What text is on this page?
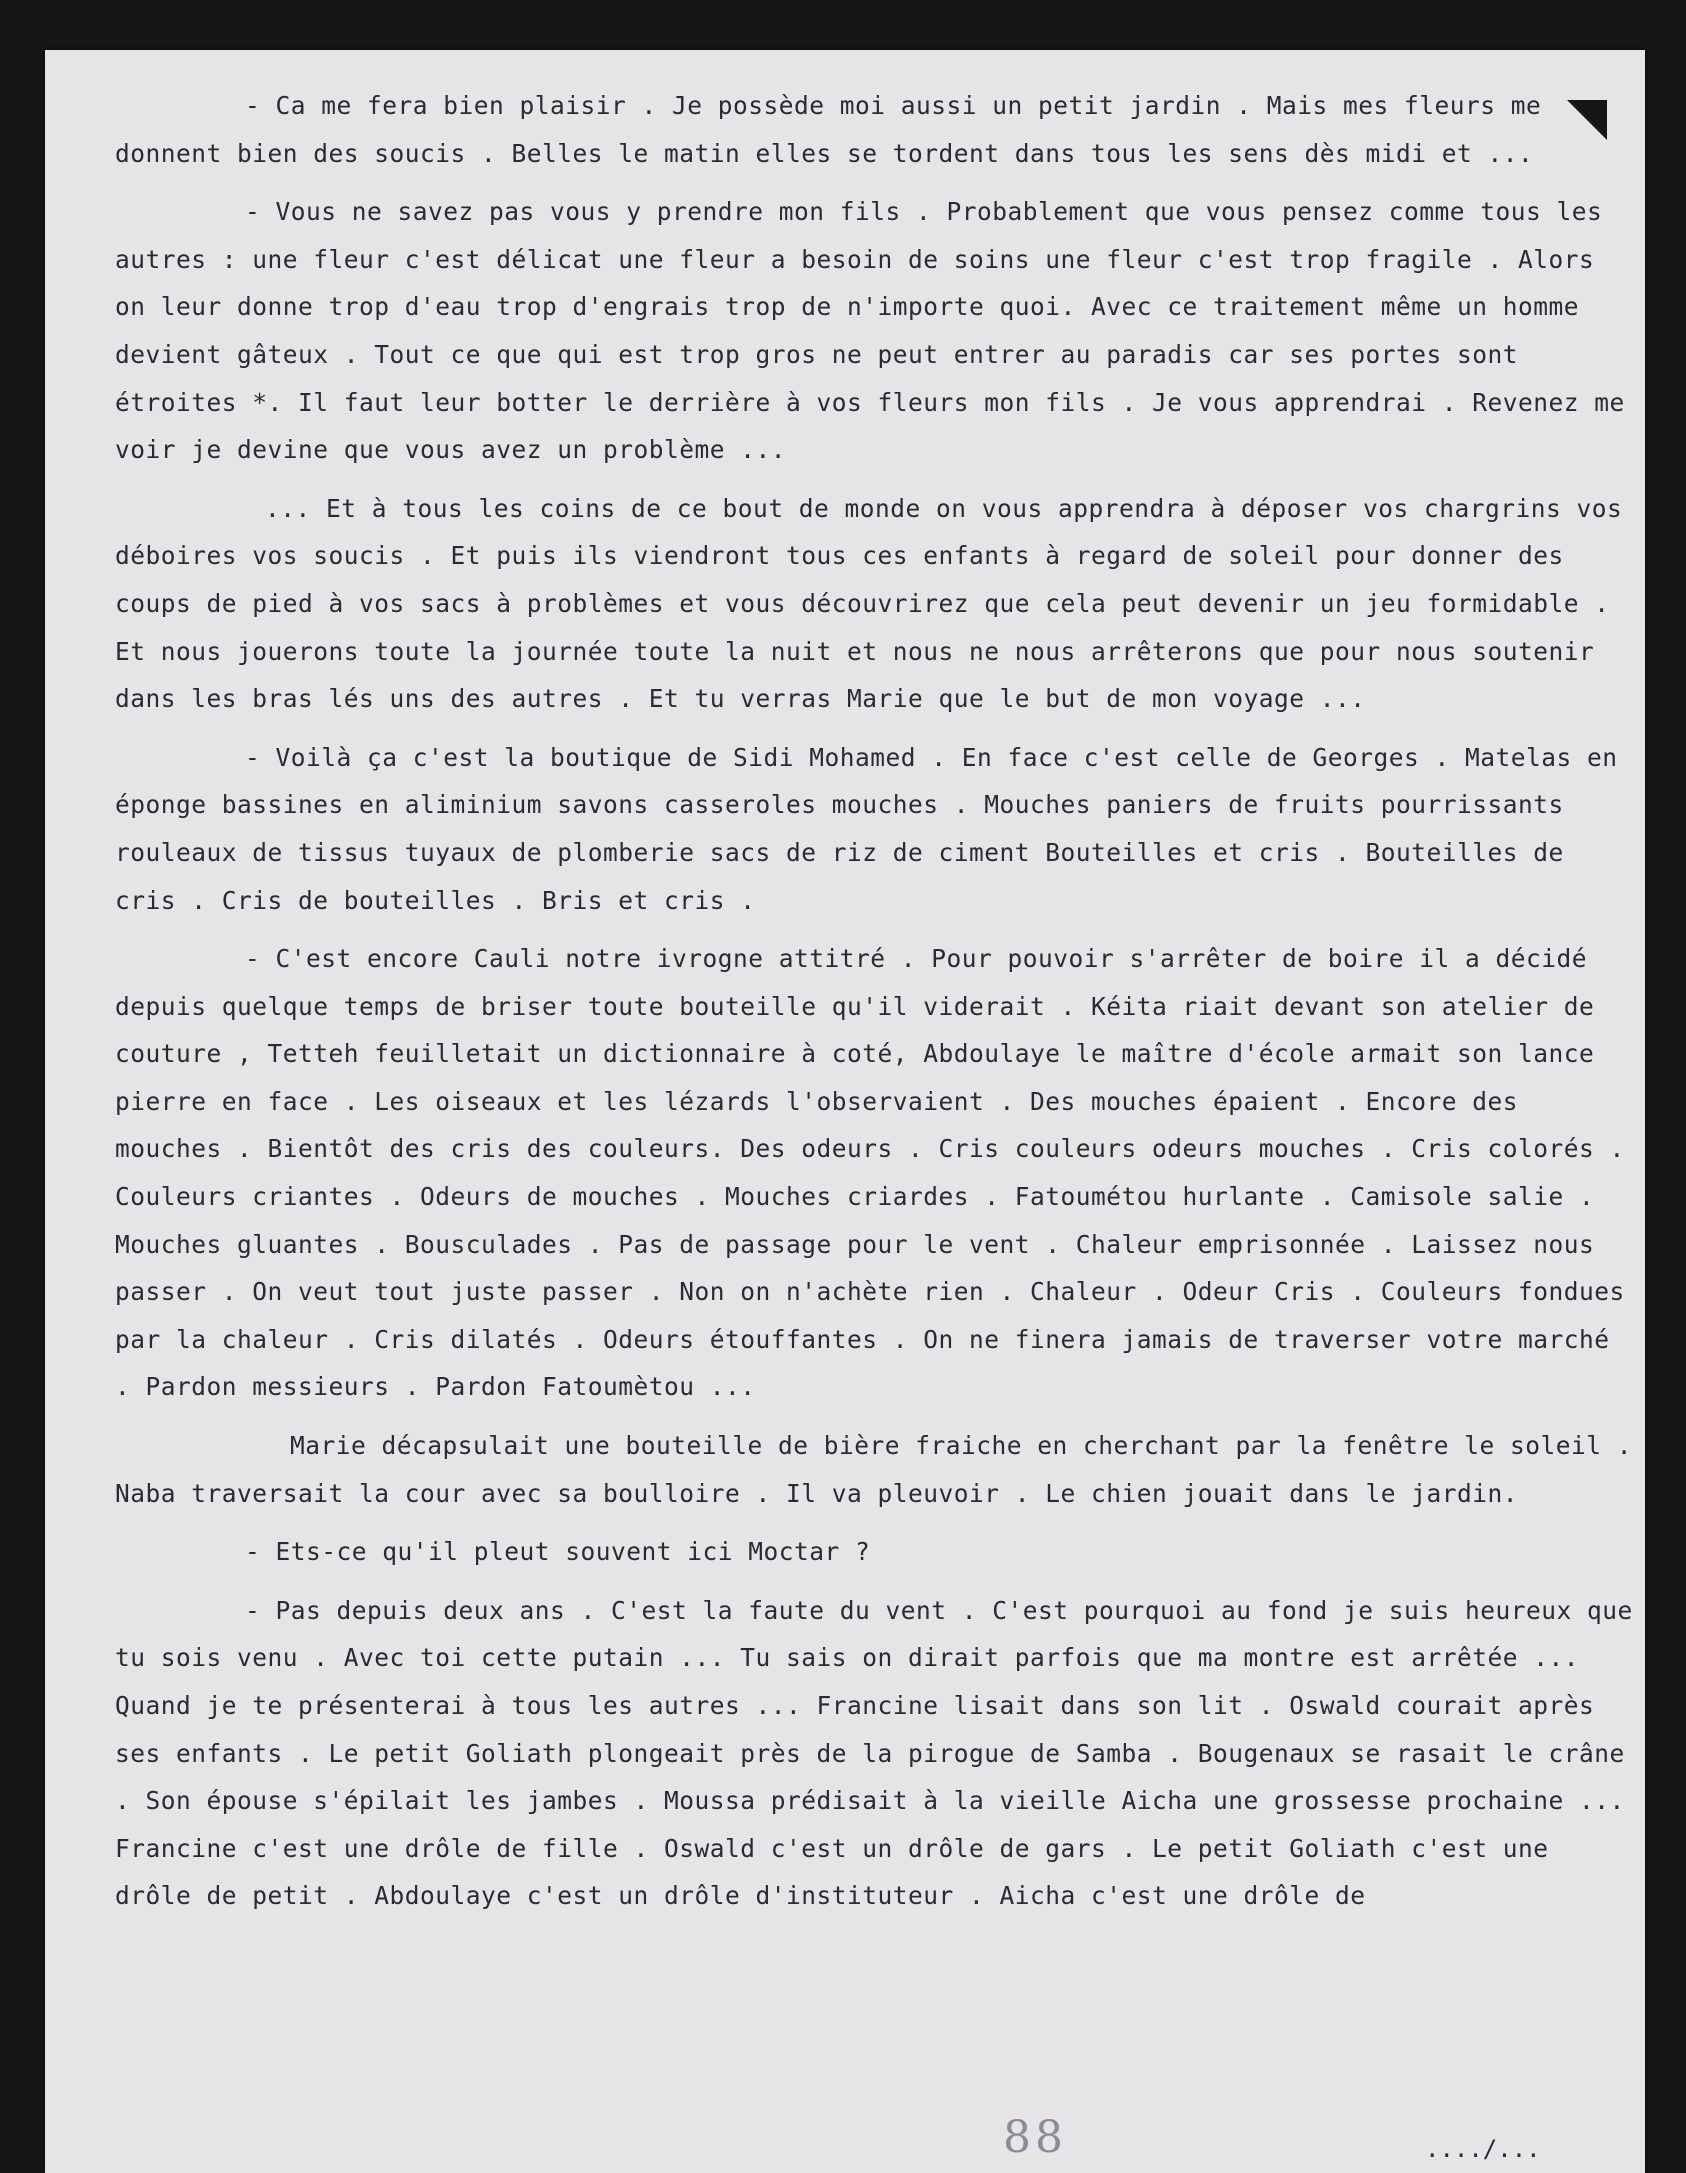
- Ca me fera bien plaisir . Je possède moi aussi un petit jardin . Mais mes fleurs me donnent bien des soucis . Belles le matin elles se tordent dans tous les sens dès midi et ...

- Vous ne savez pas vous y prendre mon fils . Probablement que vous pensez comme tous les autres : une fleur c'est délicat une fleur a besoin de soins une fleur c'est trop fragile . Alors on leur donne trop d'eau trop d'engrais trop de n'importe quoi. Avec ce traitement même un homme devient gâteux . Tout ce que qui est trop gros ne peut entrer au paradis car ses portes sont étroites *. Il faut leur botter le derrière à vos fleurs mon fils . Je vous apprendrai . Revenez me voir je devine que vous avez un problème ...

... Et à tous les coins de ce bout de monde on vous apprendra à déposer vos chargrins vos déboires vos soucis . Et puis ils viendront tous ces enfants à regard de soleil pour donner des coups de pied à vos sacs à problèmes et vous découvrirez que cela peut devenir un jeu formidable . Et nous jouerons toute la journée toute la nuit et nous ne nous arrêterons que pour nous soutenir dans les bras lés uns des autres . Et tu verras Marie que le but de mon voyage ...

- Voilà ça c'est la boutique de Sidi Mohamed . En face c'est celle de Georges . Matelas en éponge bassines en aliminium savons casseroles mouches . Mouches paniers de fruits pourrissants rouleaux de tissus tuyaux de plomberie sacs de riz de ciment Bouteilles et cris . Bouteilles de cris . Cris de bouteilles . Bris et cris .

- C'est encore Cauli notre ivrogne attitré . Pour pouvoir s'arrêter de boire il a décidé depuis quelque temps de briser toute bouteille qu'il viderait . Kéita riait devant son atelier de couture , Tetteh feuilletait un dictionnaire à coté, Abdoulaye le maître d'école armait son lance pierre en face . Les oiseaux et les lézards l'observaient . Des mouches épaient . Encore des mouches . Bientôt des cris des couleurs. Des odeurs . Cris couleurs odeurs mouches . Cris colorés . Couleurs criantes . Odeurs de mouches . Mouches criardes . Fatoumétou hurlante . Camisole salie . Mouches gluantes . Bousculades . Pas de passage pour le vent . Chaleur emprisonnée . Laissez nous passer . On veut tout juste passer . Non on n'achète rien . Chaleur . Odeur Cris . Couleurs fondues par la chaleur . Cris dilatés . Odeurs étouffantes . On ne finera jamais de traverser votre marché . Pardon messieurs . Pardon Fatoumètou ...

Marie décapsulait une bouteille de bière fraiche en cherchant par la fenêtre le soleil . Naba traversait la cour avec sa boulloire . Il va pleuvoir . Le chien jouait dans le jardin.

- Ets-ce qu'il pleut souvent ici Moctar ?

- Pas depuis deux ans . C'est la faute du vent . C'est pourquoi au fond je suis heureux que tu sois venu . Avec toi cette putain ... Tu sais on dirait parfois que ma montre est arrêtée ... Quand je te présenterai à tous les autres ... Francine lisait dans son lit . Oswald courait après ses enfants . Le petit Goliath plongeait près de la pirogue de Samba . Bougenaux se rasait le crâne . Son épouse s'épilait les jambes . Moussa prédisait à la vieille Aicha une grossesse prochaine ... Francine c'est une drôle de fille . Oswald c'est un drôle de gars . Le petit Goliath c'est une drôle de petit . Abdoulaye c'est un drôle d'instituteur . Aicha c'est une drôle de

88	..../...
